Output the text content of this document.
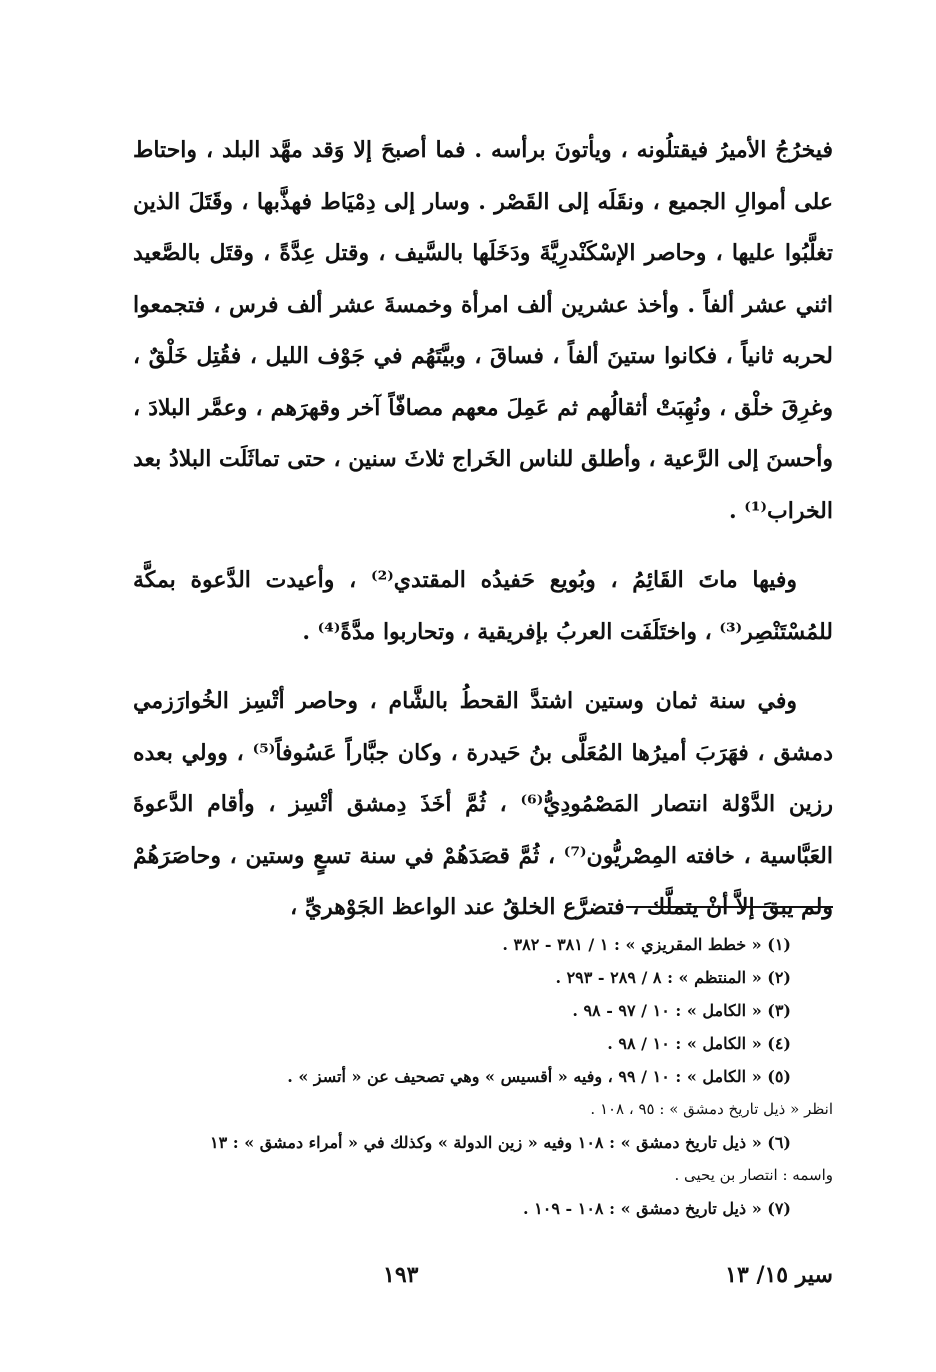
فيخرُجُ الأميرُ فيقتلُونه ، ويأتونَ برأسه . فما أصبحَ إلا وَقد مهَّد البلد ، واحتاط على أموالِ الجميع ، ونقَلَه إلى القَصْر . وسار إلى دِمْيَاط فهذَّبها ، وقَتَلَ الذين تغلَّبُوا عليها ، وحاصر الإسْكَنْدرِيَّةَ ودَخَلَها بالسَّيف ، وقتل عِدَّةً ، وقتَل بالصَّعيد اثني عشر ألفاً . وأخذ عشرين ألف امرأة وخمسةَ عشر ألف فرس ، فتجمعوا لحربه ثانياً ، فكانوا ستينَ ألفاً ، فساقَ ، وبيَّتَهُم في جَوْف الليل ، فقُتِل خَلْقٌ ، وغرِقَ خلْق ، ونُهِبَتْ أثقالُهم ثم عَمِلَ معهم مصافّاً آخر وقهرَهم ، وعمَّر البلادَ ، وأحسنَ إلى الرَّعية ، وأطلق للناس الخَراج ثلاثَ سنين ، حتى تماثَلَت البلادُ بعد الخراب⁽¹⁾ .

وفيها ماتَ القَائِمُ ، وبُويع حَفيدُه المقتدي⁽²⁾ ، وأعيدت الدَّعوة بمكَّة للمُسْتَنْصِر⁽³⁾ ، واختَلَفَت العربُ بإفريقية ، وتحاربوا مدَّةً⁽⁴⁾ .

وفي سنة ثمان وستين اشتدَّ القحطُ بالشَّام ، وحاصر أتْسِز الخُوارَزمي دمشق ، فهَرَبَ أميرُها المُعَلَّى بنُ حَيدرة ، وكان جبَّاراً عَسُوفاً⁽⁵⁾ ، وولي بعده رزين الدَّوْلة انتصار المَصْمُودِيُّ⁽⁶⁾ ، ثُمَّ أخَذَ دِمشق أتْسِز ، وأقام الدَّعوةَ العَبَّاسية ، خافته المِصْريُّون⁽⁷⁾ ، ثُمَّ قصَدَهُمْ في سنة تسعٍ وستين ، وحاصَرَهُمْ ولم يبقَ إلاَّ أنْ يتملَّك ، فتضرَّع الخلقُ عند الواعظ الجَوْهريِّ ،

(١) « خطط المقريزي » : ١ / ٣٨١ - ٣٨٢ .
(٢) « المنتظم » : ٨ / ٢٨٩ - ٢٩٣ .
(٣) « الكامل » : ١٠ / ٩٧ - ٩٨ .
(٤) « الكامل » : ١٠ / ٩٨ .
(٥) « الكامل » : ١٠ / ٩٩ ، وفيه « أقسيس » وهي تصحيف عن « أتسز » .
انظر « ذيل تاريخ دمشق » : ٩٥ ، ١٠٨ .
(٦) « ذيل تاريخ دمشق » : ١٠٨ وفيه « زين الدولة » وكذلك في « أمراء دمشق » : ١٣
واسمه : انتصار بن يحيى .
(٧) « ذيل تاريخ دمشق » : ١٠٨ - ١٠٩ .
سير ١٥/ ١٣
١٩٣
